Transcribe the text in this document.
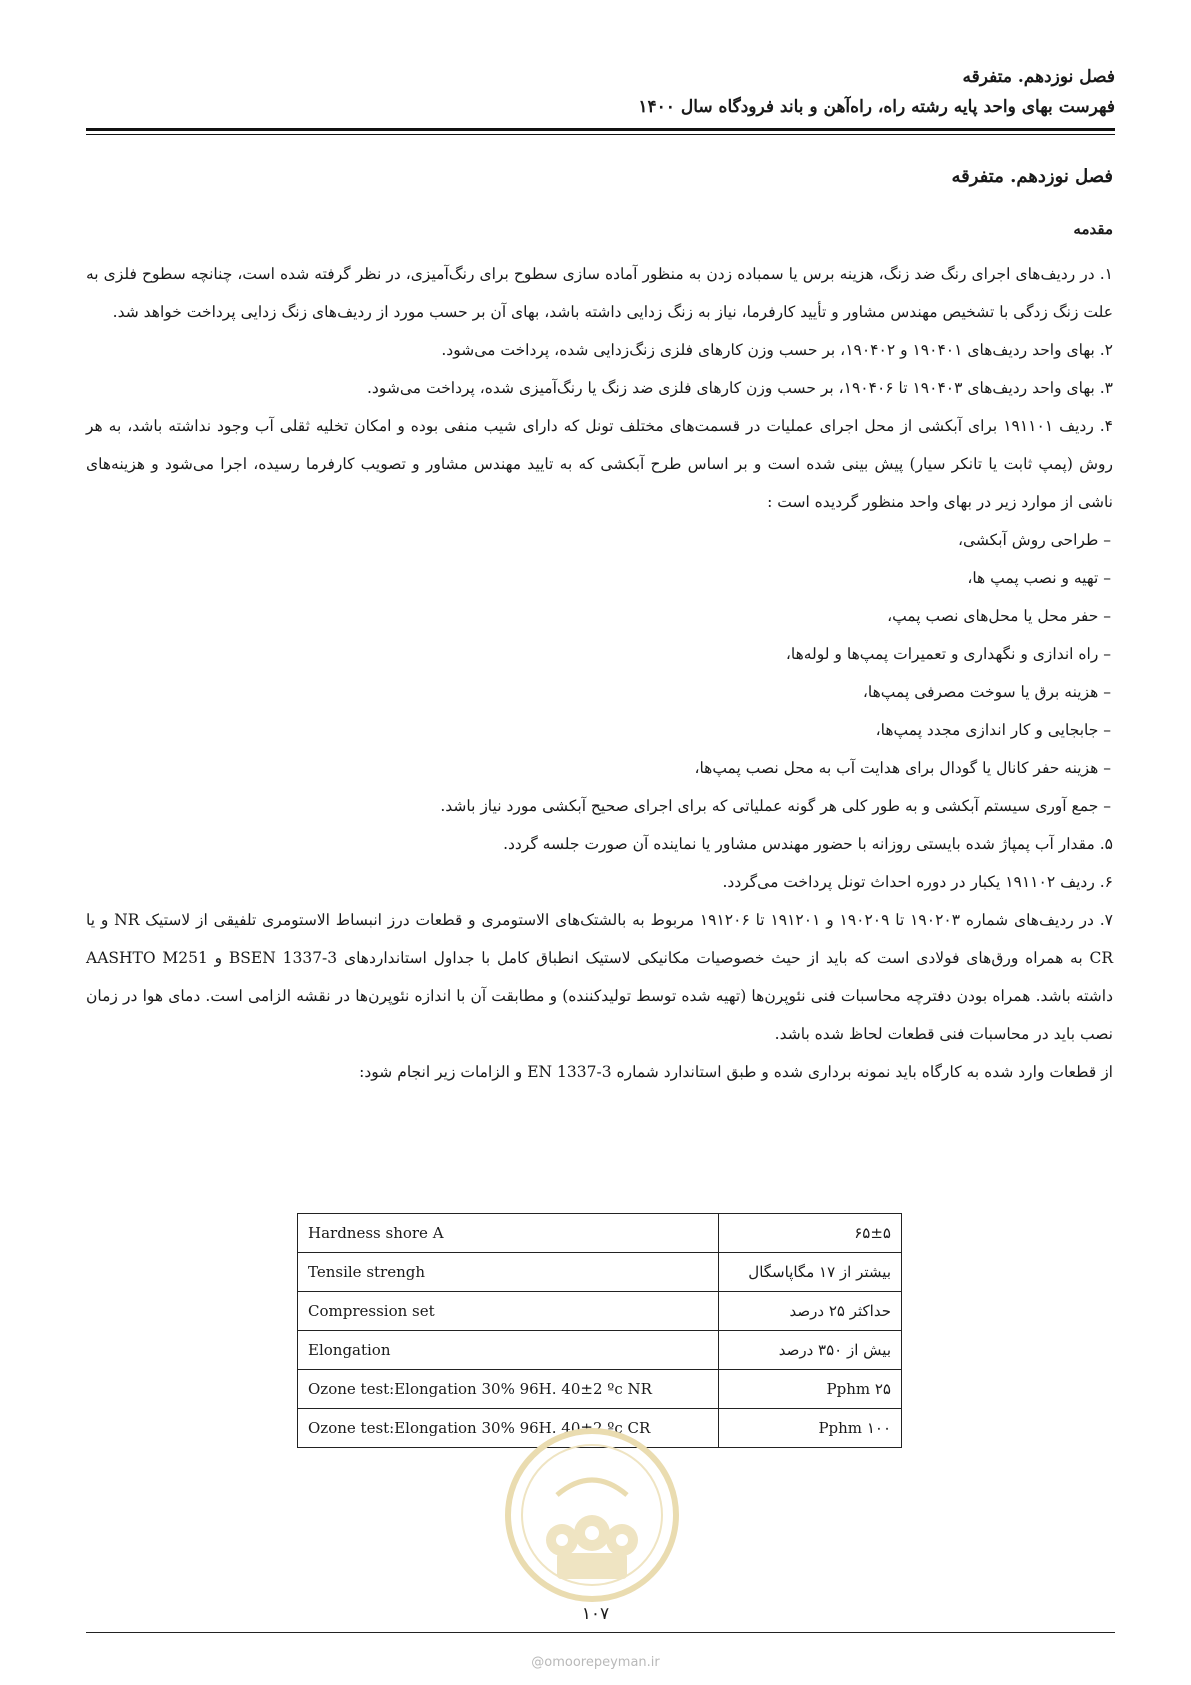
فصل نوزدهم. متفرقه
فهرست بهای واحد پایه رشته راه، راه‌آهن و باند فرودگاه سال ۱۴۰۰
فصل نوزدهم. متفرقه
مقدمه

۱. در ردیف‌های اجرای رنگ ضد زنگ، هزینه برس یا سمباده زدن به منظور آماده سازی سطوح برای رنگ‌آمیزی، در نظر گرفته شده است، چنانچه سطوح فلزی به علت زنگ زدگی با تشخیص مهندس مشاور و تأیید کارفرما، نیاز به زنگ زدایی داشته باشد، بهای آن بر حسب مورد از ردیف‌های زنگ زدایی پرداخت خواهد شد.

۲. بهای واحد ردیف‌های ۱۹۰۴۰۱ و ۱۹۰۴۰۲، بر حسب وزن کارهای فلزی زنگ‌زدایی شده، پرداخت می‌شود.

۳. بهای واحد ردیف‌های ۱۹۰۴۰۳ تا ۱۹۰۴۰۶، بر حسب وزن کارهای فلزی ضد زنگ یا رنگ‌آمیزی شده، پرداخت می‌شود.

۴. ردیف ۱۹۱۱۰۱ برای آبکشی از محل اجرای عملیات در قسمت‌های مختلف تونل که دارای شیب منفی بوده و امکان تخلیه ثقلی آب وجود نداشته باشد، به هر روش (پمپ ثابت یا تانکر سیار) پیش بینی شده است و بر اساس طرح آبکشی که به تایید مهندس مشاور و تصویب کارفرما رسیده، اجرا می‌شود و هزینه‌های ناشی از موارد زیر در بهای واحد منظور گردیده است :

– طراحی روش آبکشی،

– تهیه و نصب پمپ ها،

– حفر محل یا محل‌های نصب پمپ،

– راه اندازی و نگهداری و تعمیرات پمپ‌ها و لوله‌ها،

– هزینه برق یا سوخت مصرفی پمپ‌ها،

– جابجایی و کار اندازی مجدد پمپ‌ها،

– هزینه حفر کانال یا گودال برای هدایت آب به محل نصب پمپ‌ها،

– جمع آوری سیستم آبکشی و به طور کلی هر گونه عملیاتی که برای اجرای صحیح آبکشی مورد نیاز باشد.

۵. مقدار آب پمپاژ شده بایستی روزانه با حضور مهندس مشاور یا نماینده آن صورت جلسه گردد.

۶. ردیف ۱۹۱۱۰۲ یکبار در دوره احداث تونل پرداخت می‌گردد.

۷. در ردیف‌های شماره ۱۹۰۲۰۳ تا ۱۹۰۲۰۹ و ۱۹۱۲۰۱ تا ۱۹۱۲۰۶ مربوط به بالشتک‌های الاستومری و قطعات درز انبساط الاستومری تلفیقی از لاستیک NR و یا CR به همراه ورق‌های فولادی است که باید از حیث خصوصیات مکانیکی لاستیک انطباق کامل با جداول استانداردهای BSEN 1337-3 و AASHTO M251 داشته باشد. همراه بودن دفترچه محاسبات فنی نئوپرن‌ها (تهیه شده توسط تولیدکننده) و مطابقت آن با اندازه نئوپرن‌ها در نقشه الزامی است. دمای هوا در زمان نصب باید در محاسبات فنی قطعات لحاظ شده باشد.

از قطعات وارد شده به کارگاه باید نمونه برداری شده و طبق استاندارد شماره EN 1337-3 و الزامات زیر انجام شود:

۶۵±۵	Hardness shore A
بیشتر از ۱۷ مگاپاسگال	Tensile strengh
حداکثر ۲۵ درصد	Compression set
بیش از ۳۵۰ درصد	Elongation
۲۵ Pphm	Ozone test:Elongation 30% 96H. 40±2 ºc NR
۱۰۰ Pphm	Ozone test:Elongation 30% 96H. 40±2 ºc CR
۱۰۷
@omoorepeyman.ir
